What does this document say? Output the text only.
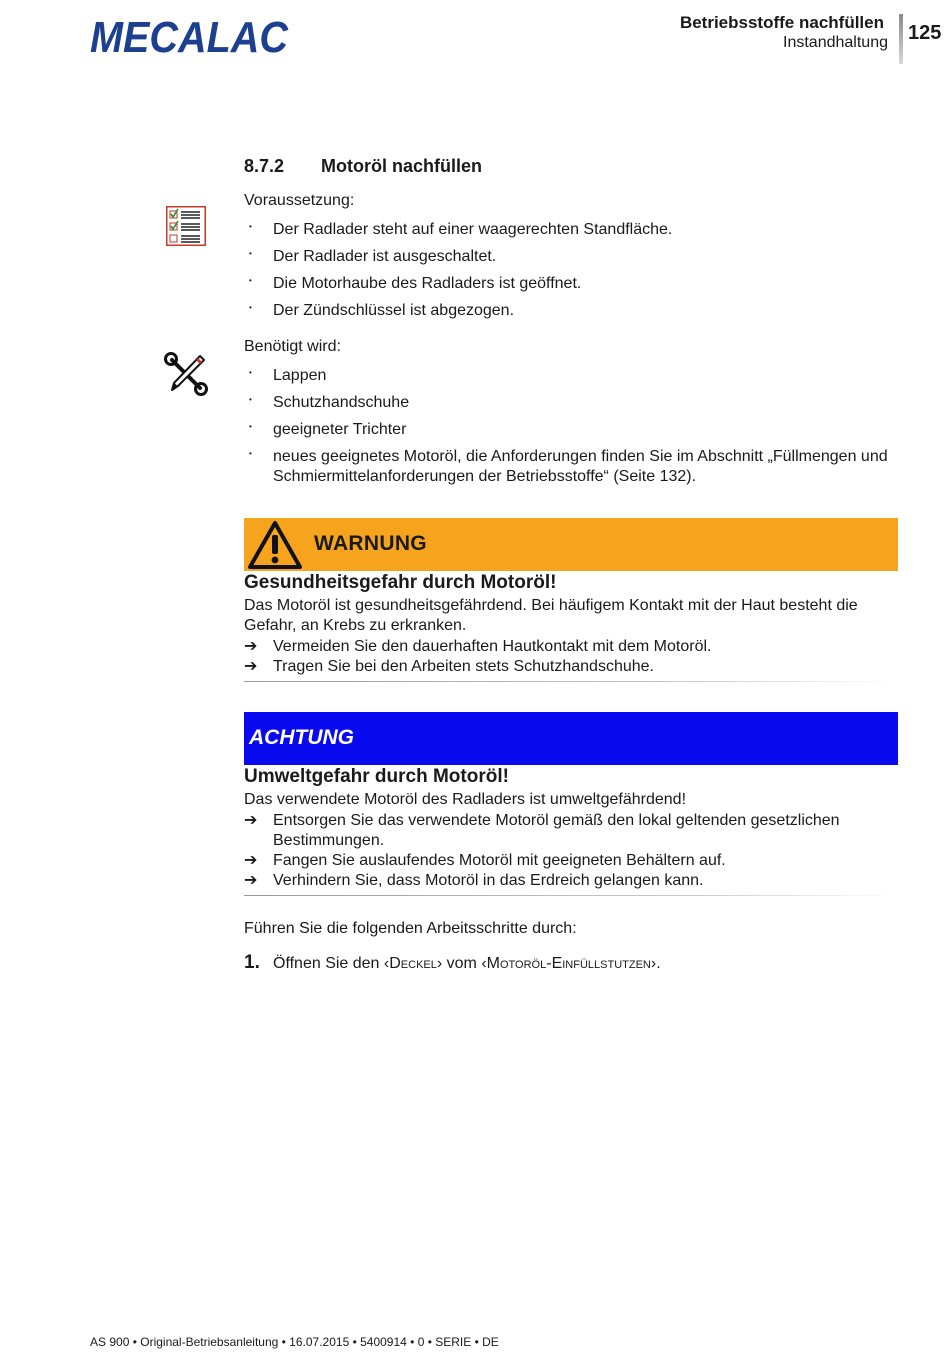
MECALAC	Betriebsstoffe nachfüllen
Instandhaltung 125
8.7.2 Motoröl nachfüllen
Voraussetzung:
• Der Radlader steht auf einer waagerechten Standfläche.
• Der Radlader ist ausgeschaltet.
• Die Motorhaube des Radladers ist geöffnet.
• Der Zündschlüssel ist abgezogen.
Benötigt wird:
• Lappen
• Schutzhandschuhe
• geeigneter Trichter
• neues geeignetes Motoröl, die Anforderungen finden Sie im Abschnitt „Füllmengen und Schmiermittelanforderungen der Betriebsstoffe“ (Seite 132).
WARNUNG
Gesundheitsgefahr durch Motoröl!
Das Motoröl ist gesundheitsgefährdend. Bei häufigem Kontakt mit der Haut besteht die Gefahr, an Krebs zu erkranken.
➔ Vermeiden Sie den dauerhaften Hautkontakt mit dem Motoröl.
➔ Tragen Sie bei den Arbeiten stets Schutzhandschuhe.
ACHTUNG
Umweltgefahr durch Motoröl!
Das verwendete Motoröl des Radladers ist umweltgefährdend!
➔ Entsorgen Sie das verwendete Motoröl gemäß den lokal geltenden gesetzlichen Bestimmungen.
➔ Fangen Sie auslaufendes Motoröl mit geeigneten Behältern auf.
➔ Verhindern Sie, dass Motoröl in das Erdreich gelangen kann.
Führen Sie die folgenden Arbeitsschritte durch:
1. Öffnen Sie den ‹Deckel› vom ‹Motoröl-Einfüllstutzen›.
AS 900 • Original-Betriebsanleitung • 16.07.2015 • 5400914 • 0 • SERIE • DE
